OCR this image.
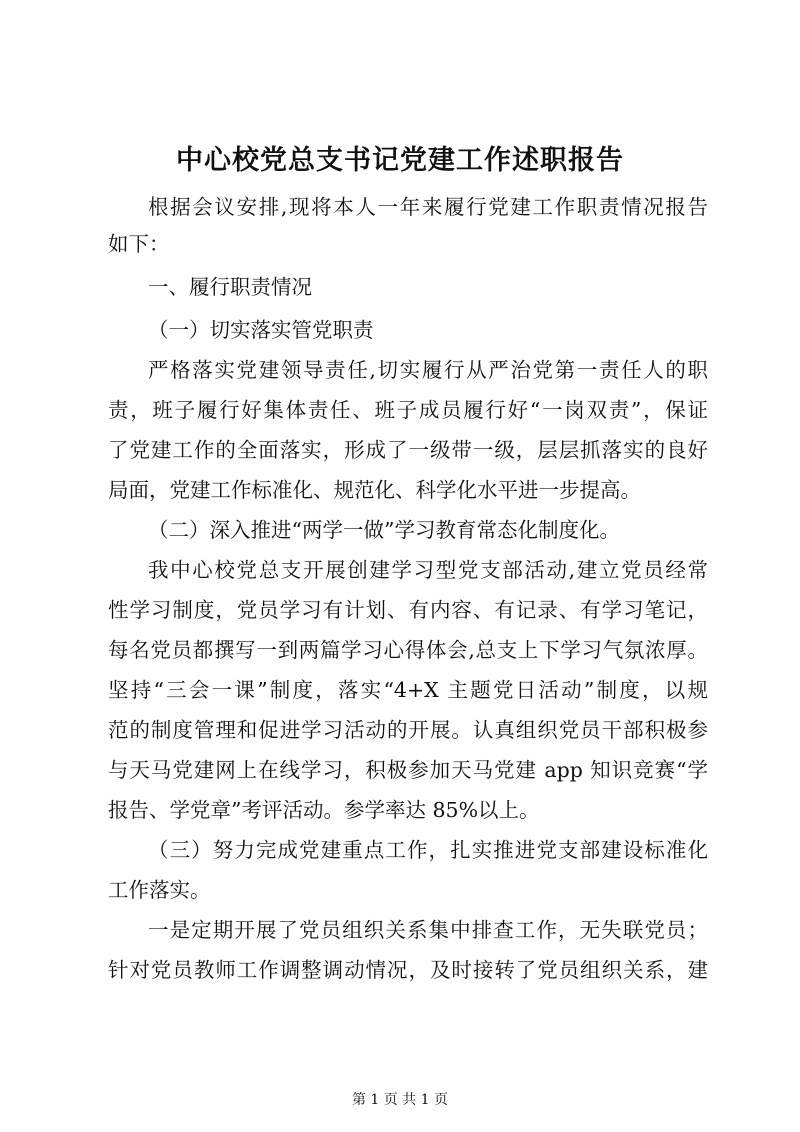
中心校党总支书记党建工作述职报告
根据会议安排,现将本人一年来履行党建工作职责情况报告
如下：
一、履行职责情况
（一）切实落实管党职责
严格落实党建领导责任,切实履行从严治党第一责任人的职
责，班子履行好集体责任、班子成员履行好“一岗双责”，保证
了党建工作的全面落实，形成了一级带一级，层层抓落实的良好
局面，党建工作标准化、规范化、科学化水平进一步提高。
（二）深入推进“两学一做”学习教育常态化制度化。
我中心校党总支开展创建学习型党支部活动,建立党员经常
性学习制度，党员学习有计划、有内容、有记录、有学习笔记，
每名党员都撰写一到两篇学习心得体会,总支上下学习气氛浓厚。
坚持“三会一课”制度，落实“4+X 主题党日活动”制度，以规
范的制度管理和促进学习活动的开展。认真组织党员干部积极参
与天马党建网上在线学习，积极参加天马党建 app 知识竞赛“学
报告、学党章”考评活动。参学率达 85%以上。
（三）努力完成党建重点工作，扎实推进党支部建设标准化
工作落实。
一是定期开展了党员组织关系集中排查工作，无失联党员；
针对党员教师工作调整调动情况，及时接转了党员组织关系，建
第 1 页 共 1 页
